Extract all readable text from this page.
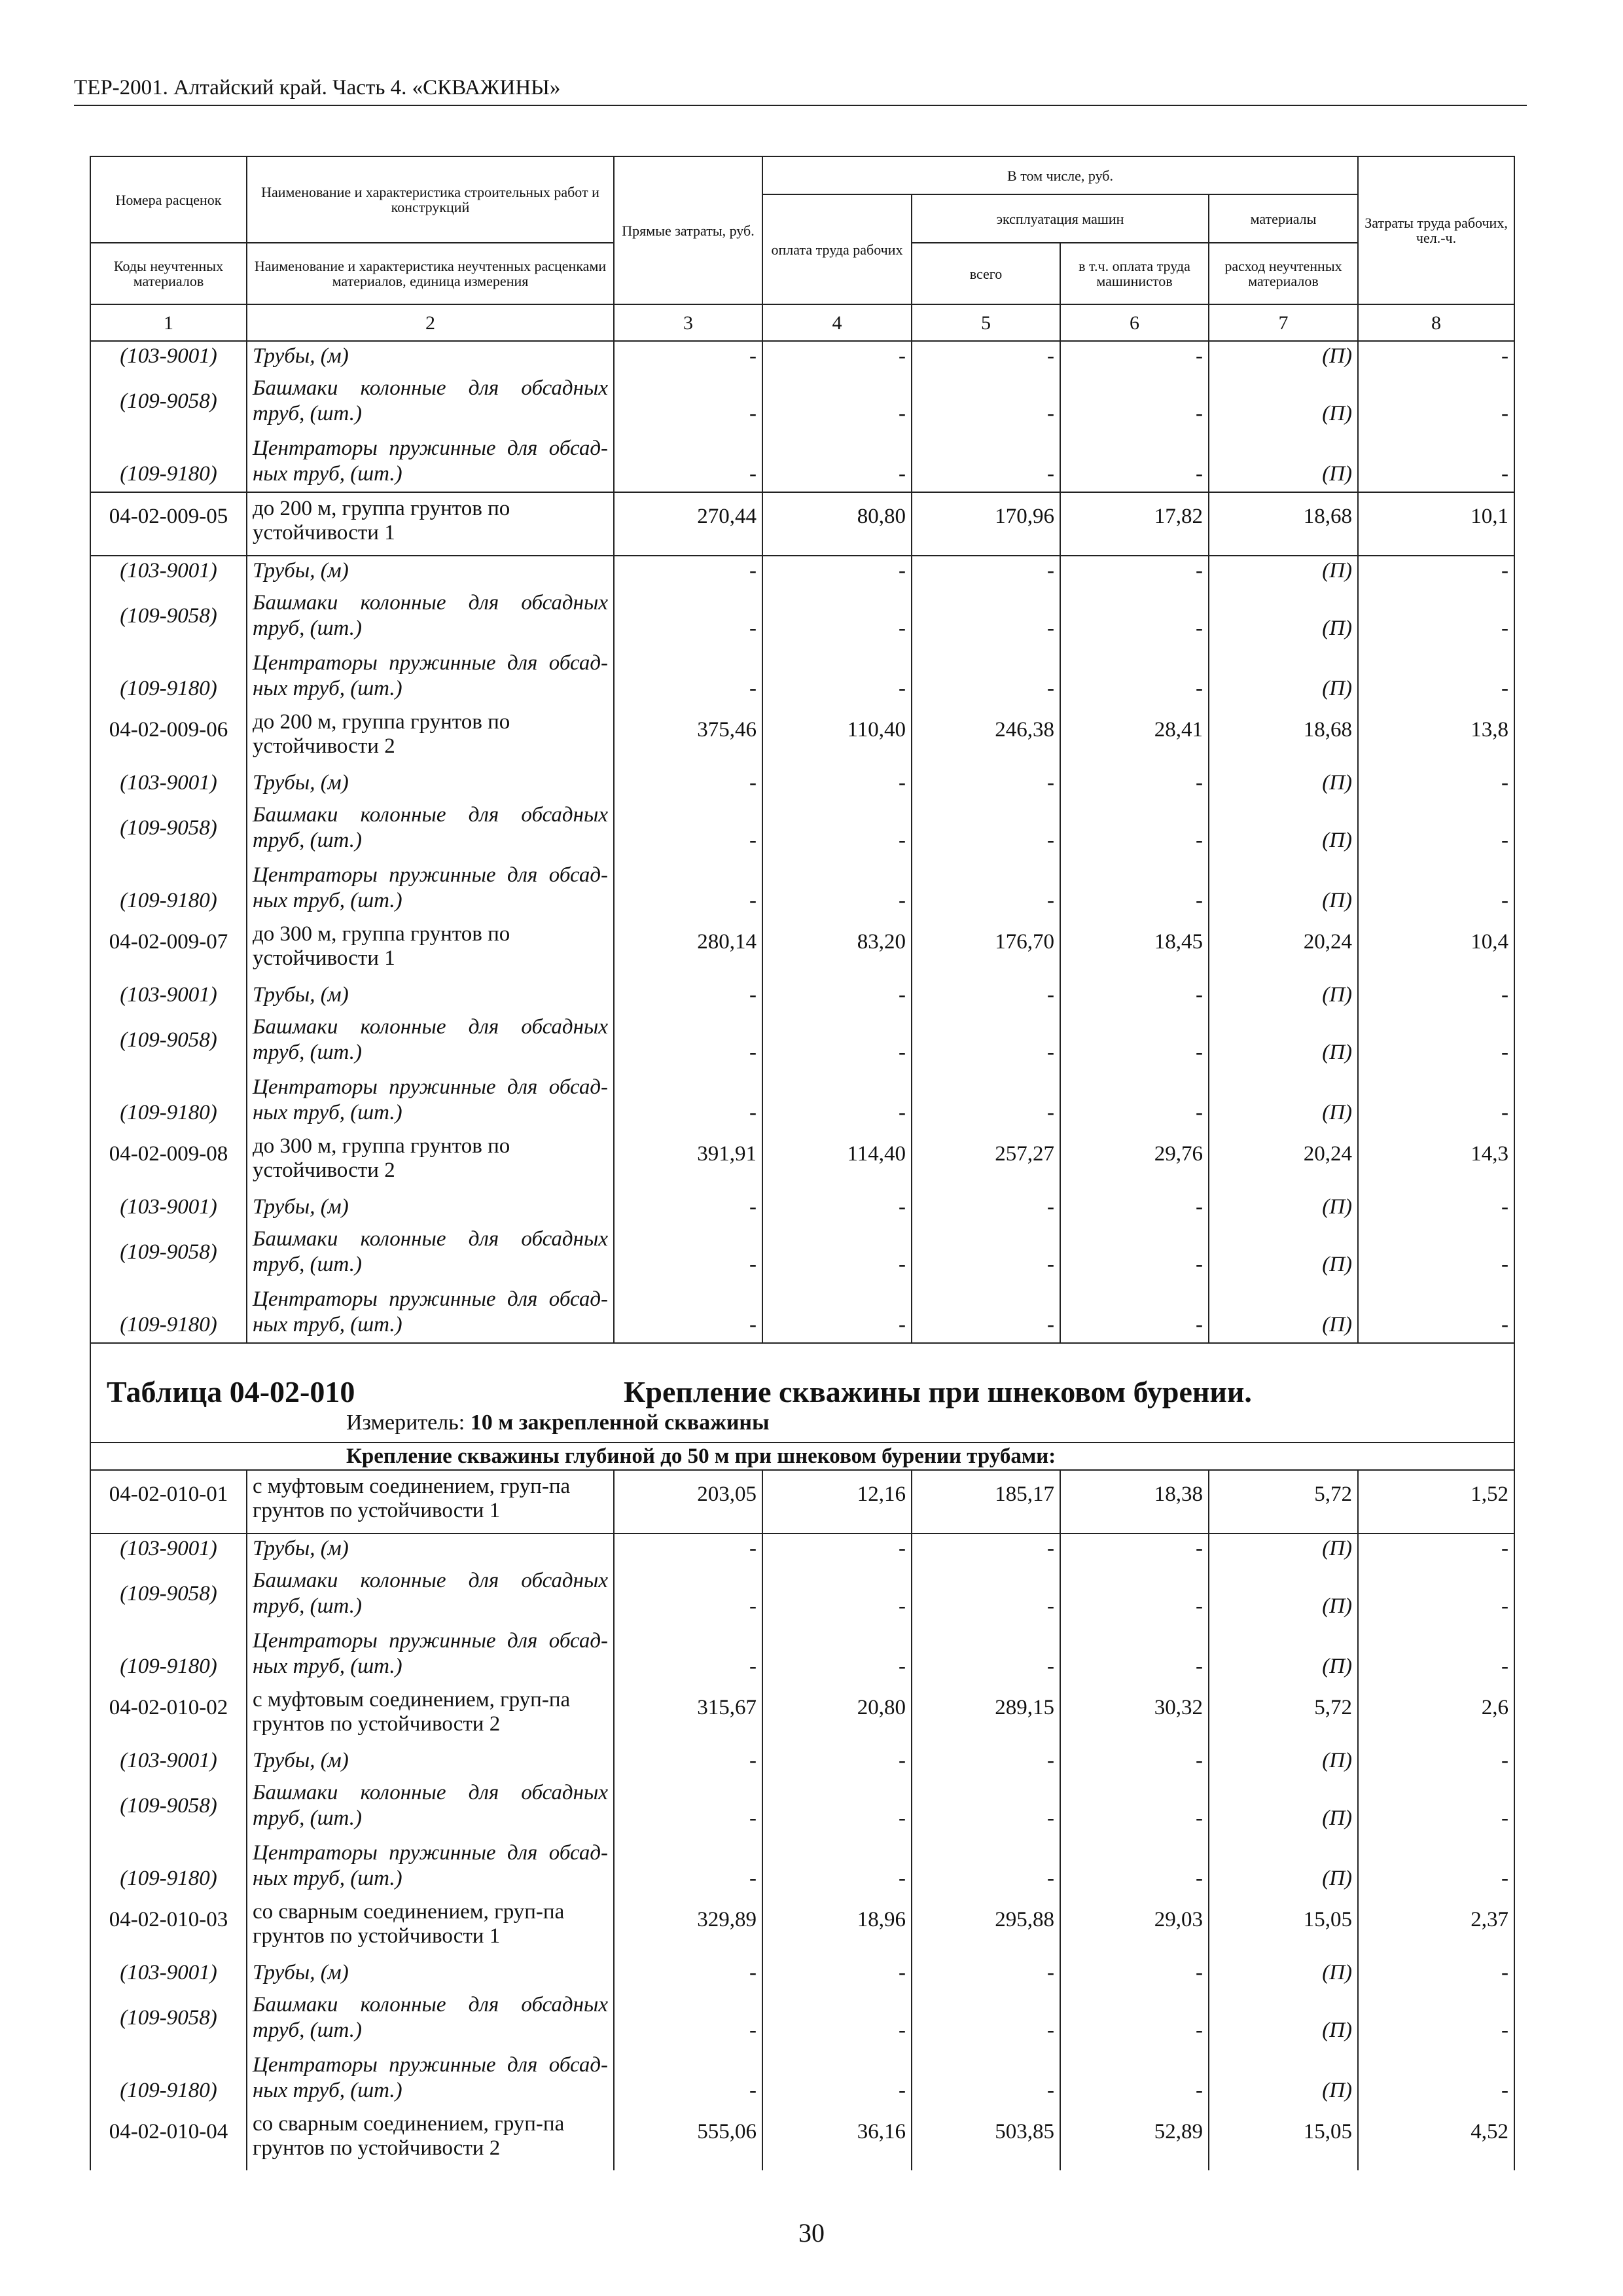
ТЕР-2001. Алтайский край. Часть 4. «СКВАЖИНЫ»
Номера расценок	Наименование и характеристика строительных работ и конструкций	Прямые затраты, руб.	В том числе, руб.				Затраты труда рабочих, чел.-ч.
			оплата труда рабочих	эксплуатация машин		материалы	
Коды неучтенных материалов	Наименование и характеристика неучтенных расценками материалов, единица измерения			всего	в т.ч. оплата труда машинистов	расход неучтенных материалов	
1	2	3	4	5	6	7	8
(103-9001)	Трубы, (м)	-	-	-	-	(П)	-
(109-9058)	Башмаки колонные для обсадных труб, (шт.)	-	-	-	-	(П)	-
(109-9180)	Центраторы пружинные для обсад-ных труб, (шт.)	-	-	-	-	(П)	-
04-02-009-05	до 200 м, группа грунтов по устойчивости 1	270,44	80,80	170,96	17,82	18,68	10,1
(103-9001)	Трубы, (м)	-	-	-	-	(П)	-
(109-9058)	Башмаки колонные для обсадных труб, (шт.)	-	-	-	-	(П)	-
(109-9180)	Центраторы пружинные для обсад-ных труб, (шт.)	-	-	-	-	(П)	-
04-02-009-06	до 200 м, группа грунтов по устойчивости 2	375,46	110,40	246,38	28,41	18,68	13,8
(103-9001)	Трубы, (м)	-	-	-	-	(П)	-
(109-9058)	Башмаки колонные для обсадных труб, (шт.)	-	-	-	-	(П)	-
(109-9180)	Центраторы пружинные для обсад-ных труб, (шт.)	-	-	-	-	(П)	-
04-02-009-07	до 300 м, группа грунтов по устойчивости 1	280,14	83,20	176,70	18,45	20,24	10,4
(103-9001)	Трубы, (м)	-	-	-	-	(П)	-
(109-9058)	Башмаки колонные для обсадных труб, (шт.)	-	-	-	-	(П)	-
(109-9180)	Центраторы пружинные для обсад-ных труб, (шт.)	-	-	-	-	(П)	-
04-02-009-08	до 300 м, группа грунтов по устойчивости 2	391,91	114,40	257,27	29,76	20,24	14,3
(103-9001)	Трубы, (м)	-	-	-	-	(П)	-
(109-9058)	Башмаки колонные для обсадных труб, (шт.)	-	-	-	-	(П)	-
(109-9180)	Центраторы пружинные для обсад-ных труб, (шт.)	-	-	-	-	(П)	-
Таблица 04-02-010 Крепление скважины при шнековом бурении.							
Измеритель: 10 м закрепленной скважины							
Крепление скважины глубиной до 50 м при шнековом бурении трубами:							
04-02-010-01	с муфтовым соединением, груп-па грунтов по устойчивости 1	203,05	12,16	185,17	18,38	5,72	1,52
(103-9001)	Трубы, (м)	-	-	-	-	(П)	-
(109-9058)	Башмаки колонные для обсадных труб, (шт.)	-	-	-	-	(П)	-
(109-9180)	Центраторы пружинные для обсад-ных труб, (шт.)	-	-	-	-	(П)	-
04-02-010-02	с муфтовым соединением, груп-па грунтов по устойчивости 2	315,67	20,80	289,15	30,32	5,72	2,6
(103-9001)	Трубы, (м)	-	-	-	-	(П)	-
(109-9058)	Башмаки колонные для обсадных труб, (шт.)	-	-	-	-	(П)	-
(109-9180)	Центраторы пружинные для обсад-ных труб, (шт.)	-	-	-	-	(П)	-
04-02-010-03	со сварным соединением, груп-па грунтов по устойчивости 1	329,89	18,96	295,88	29,03	15,05	2,37
(103-9001)	Трубы, (м)	-	-	-	-	(П)	-
(109-9058)	Башмаки колонные для обсадных труб, (шт.)	-	-	-	-	(П)	-
(109-9180)	Центраторы пружинные для обсад-ных труб, (шт.)	-	-	-	-	(П)	-
04-02-010-04	со сварным соединением, груп-па грунтов по устойчивости 2	555,06	36,16	503,85	52,89	15,05	4,52
30
